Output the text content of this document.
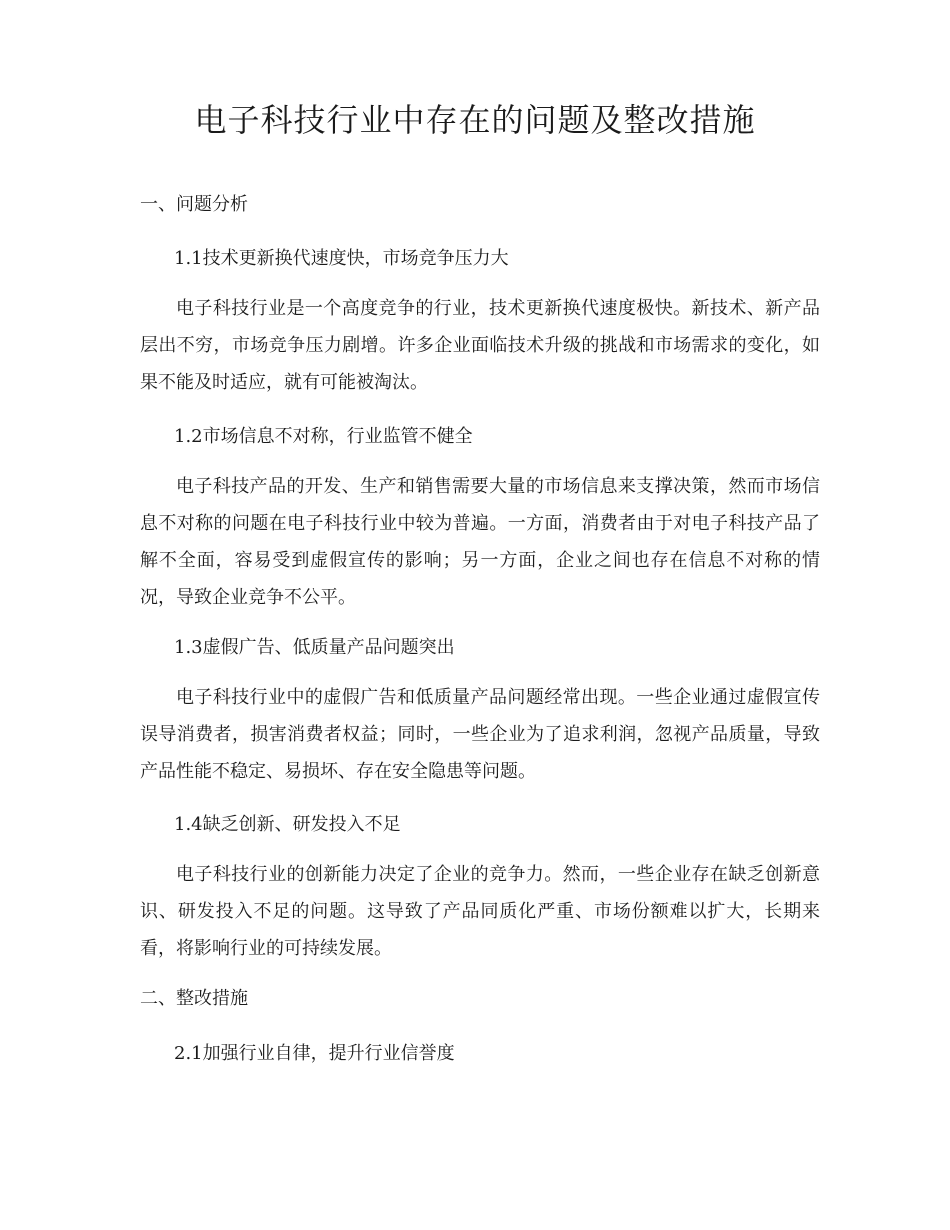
电子科技行业中存在的问题及整改措施

一、问题分析

1.1技术更新换代速度快，市场竞争压力大

电子科技行业是一个高度竞争的行业，技术更新换代速度极快。新技术、新产品层出不穷，市场竞争压力剧增。许多企业面临技术升级的挑战和市场需求的变化，如果不能及时适应，就有可能被淘汰。

1.2市场信息不对称，行业监管不健全

电子科技产品的开发、生产和销售需要大量的市场信息来支撑决策，然而市场信息不对称的问题在电子科技行业中较为普遍。一方面，消费者由于对电子科技产品了解不全面，容易受到虚假宣传的影响；另一方面，企业之间也存在信息不对称的情况，导致企业竞争不公平。

1.3虚假广告、低质量产品问题突出

电子科技行业中的虚假广告和低质量产品问题经常出现。一些企业通过虚假宣传误导消费者，损害消费者权益；同时，一些企业为了追求利润，忽视产品质量，导致产品性能不稳定、易损坏、存在安全隐患等问题。

1.4缺乏创新、研发投入不足

电子科技行业的创新能力决定了企业的竞争力。然而，一些企业存在缺乏创新意识、研发投入不足的问题。这导致了产品同质化严重、市场份额难以扩大，长期来看，将影响行业的可持续发展。

二、整改措施

2.1加强行业自律，提升行业信誉度
